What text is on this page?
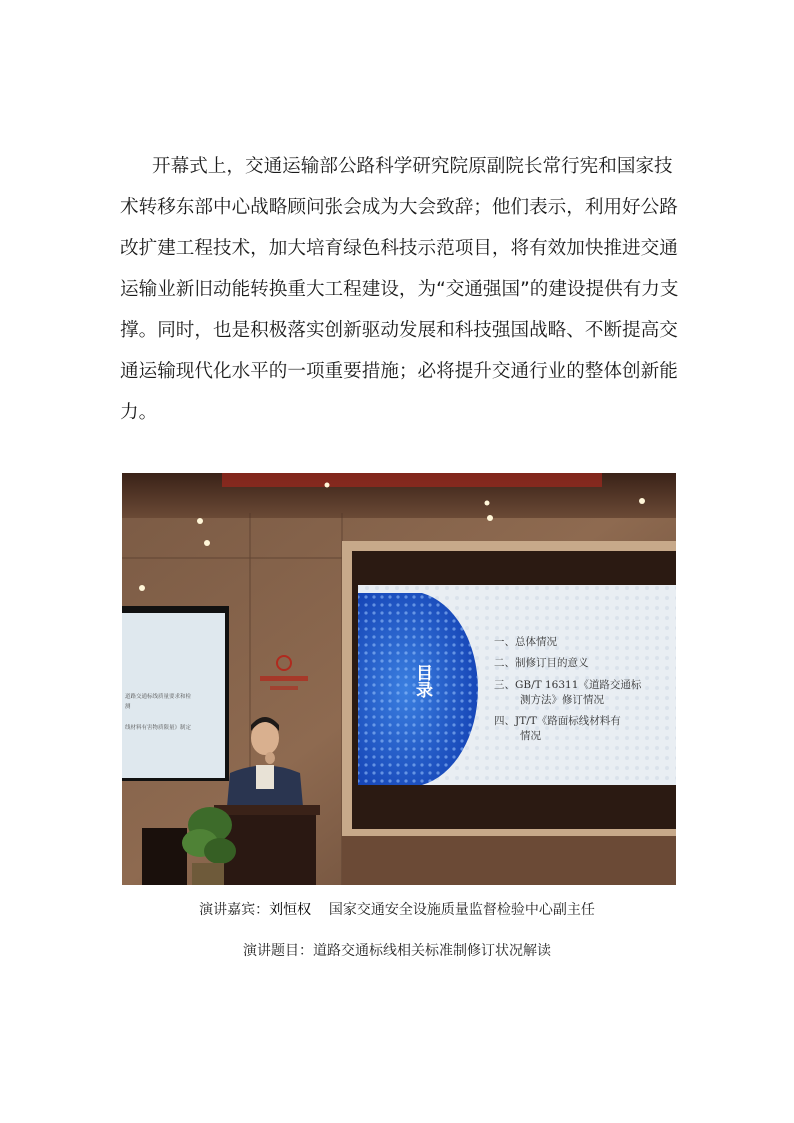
开幕式上，交通运输部公路科学研究院原副院长常行宪和国家技
术转移东部中心战略顾问张会成为大会致辞；他们表示，利用好公路
改扩建工程技术，加大培育绿色科技示范项目，将有效加快推进交通
运输业新旧动能转换重大工程建设，为“交通强国”的建设提供有力支
撑。同时，也是积极落实创新驱动发展和科技强国战略、不断提高交
通运输现代化水平的一项重要措施；必将提升交通行业的整体创新能
力。

道路交通标线质量要求和检
测
线材料有害物质限量》制定
目录
一、总体情况
二、制修订目的意义
三、GB/T 16311《道路交通标
测方法》修订情况
四、JT/T《路面标线材料有
情况
演讲嘉宾：刘恒权 国家交通安全设施质量监督检验中心副主任
演讲题目：道路交通标线相关标准制修订状况解读
